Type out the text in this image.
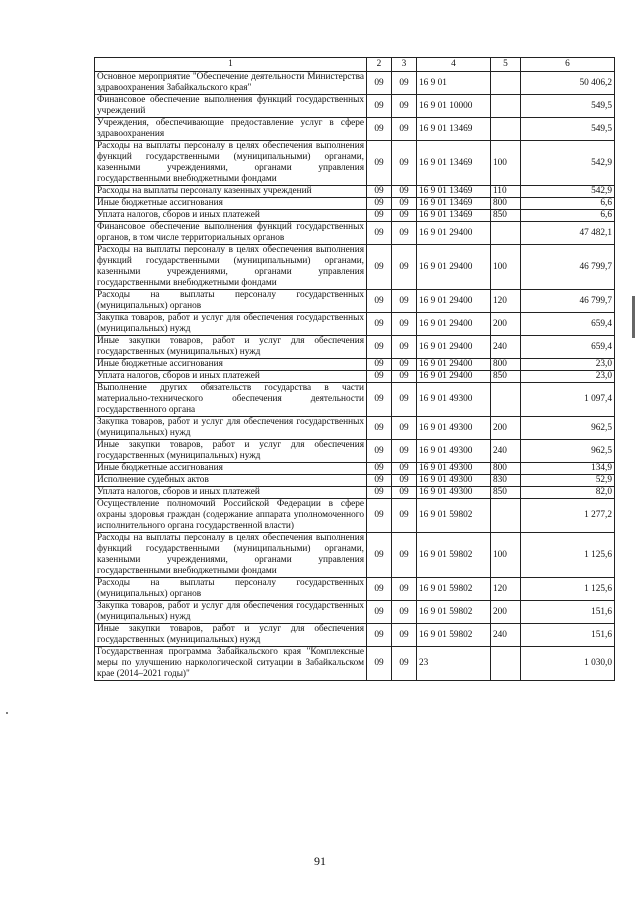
1	2	3	4	5	6
Основное мероприятие "Обеспечение деятельности Министерства здравоохранения Забайкальского края"	09	09	16 9 01		50 406,2
Финансовое обеспечение выполнения функций государственных учреждений	09	09	16 9 01 10000		549,5
Учреждения, обеспечивающие предоставление услуг в сфере здравоохранения	09	09	16 9 01 13469		549,5
Расходы на выплаты персоналу в целях обеспечения выполнения функций государственными (муниципальными) органами, казенными учреждениями, органами управления государственными внебюджетными фондами	09	09	16 9 01 13469	100	542,9
Расходы на выплаты персоналу казенных учреждений	09	09	16 9 01 13469	110	542,9
Иные бюджетные ассигнования	09	09	16 9 01 13469	800	6,6
Уплата налогов, сборов и иных платежей	09	09	16 9 01 13469	850	6,6
Финансовое обеспечение выполнения функций государственных органов, в том числе территориальных органов	09	09	16 9 01 29400		47 482,1
Расходы на выплаты персоналу в целях обеспечения выполнения функций государственными (муниципальными) органами, казенными учреждениями, органами управления государственными внебюджетными фондами	09	09	16 9 01 29400	100	46 799,7
Расходы на выплаты персоналу государственных (муниципальных) органов	09	09	16 9 01 29400	120	46 799,7
Закупка товаров, работ и услуг для обеспечения государственных (муниципальных) нужд	09	09	16 9 01 29400	200	659,4
Иные закупки товаров, работ и услуг для обеспечения государственных (муниципальных) нужд	09	09	16 9 01 29400	240	659,4
Иные бюджетные ассигнования	09	09	16 9 01 29400	800	23,0
Уплата налогов, сборов и иных платежей	09	09	16 9 01 29400	850	23,0
Выполнение других обязательств государства в части материально-технического обеспечения деятельности государственного органа	09	09	16 9 01 49300		1 097,4
Закупка товаров, работ и услуг для обеспечения государственных (муниципальных) нужд	09	09	16 9 01 49300	200	962,5
Иные закупки товаров, работ и услуг для обеспечения государственных (муниципальных) нужд	09	09	16 9 01 49300	240	962,5
Иные бюджетные ассигнования	09	09	16 9 01 49300	800	134,9
Исполнение судебных актов	09	09	16 9 01 49300	830	52,9
Уплата налогов, сборов и иных платежей	09	09	16 9 01 49300	850	82,0
Осуществление полномочий Российской Федерации в сфере охраны здоровья граждан (содержание аппарата уполномоченного исполнительного органа государственной власти)	09	09	16 9 01 59802		1 277,2
Расходы на выплаты персоналу в целях обеспечения выполнения функций государственными (муниципальными) органами, казенными учреждениями, органами управления государственными внебюджетными фондами	09	09	16 9 01 59802	100	1 125,6
Расходы на выплаты персоналу государственных (муниципальных) органов	09	09	16 9 01 59802	120	1 125,6
Закупка товаров, работ и услуг для обеспечения государственных (муниципальных) нужд	09	09	16 9 01 59802	200	151,6
Иные закупки товаров, работ и услуг для обеспечения государственных (муниципальных) нужд	09	09	16 9 01 59802	240	151,6
Государственная программа Забайкальского края "Комплексные меры по улучшению наркологической ситуации в Забайкальском крае (2014–2021 годы)"	09	09	23		1 030,0
91
